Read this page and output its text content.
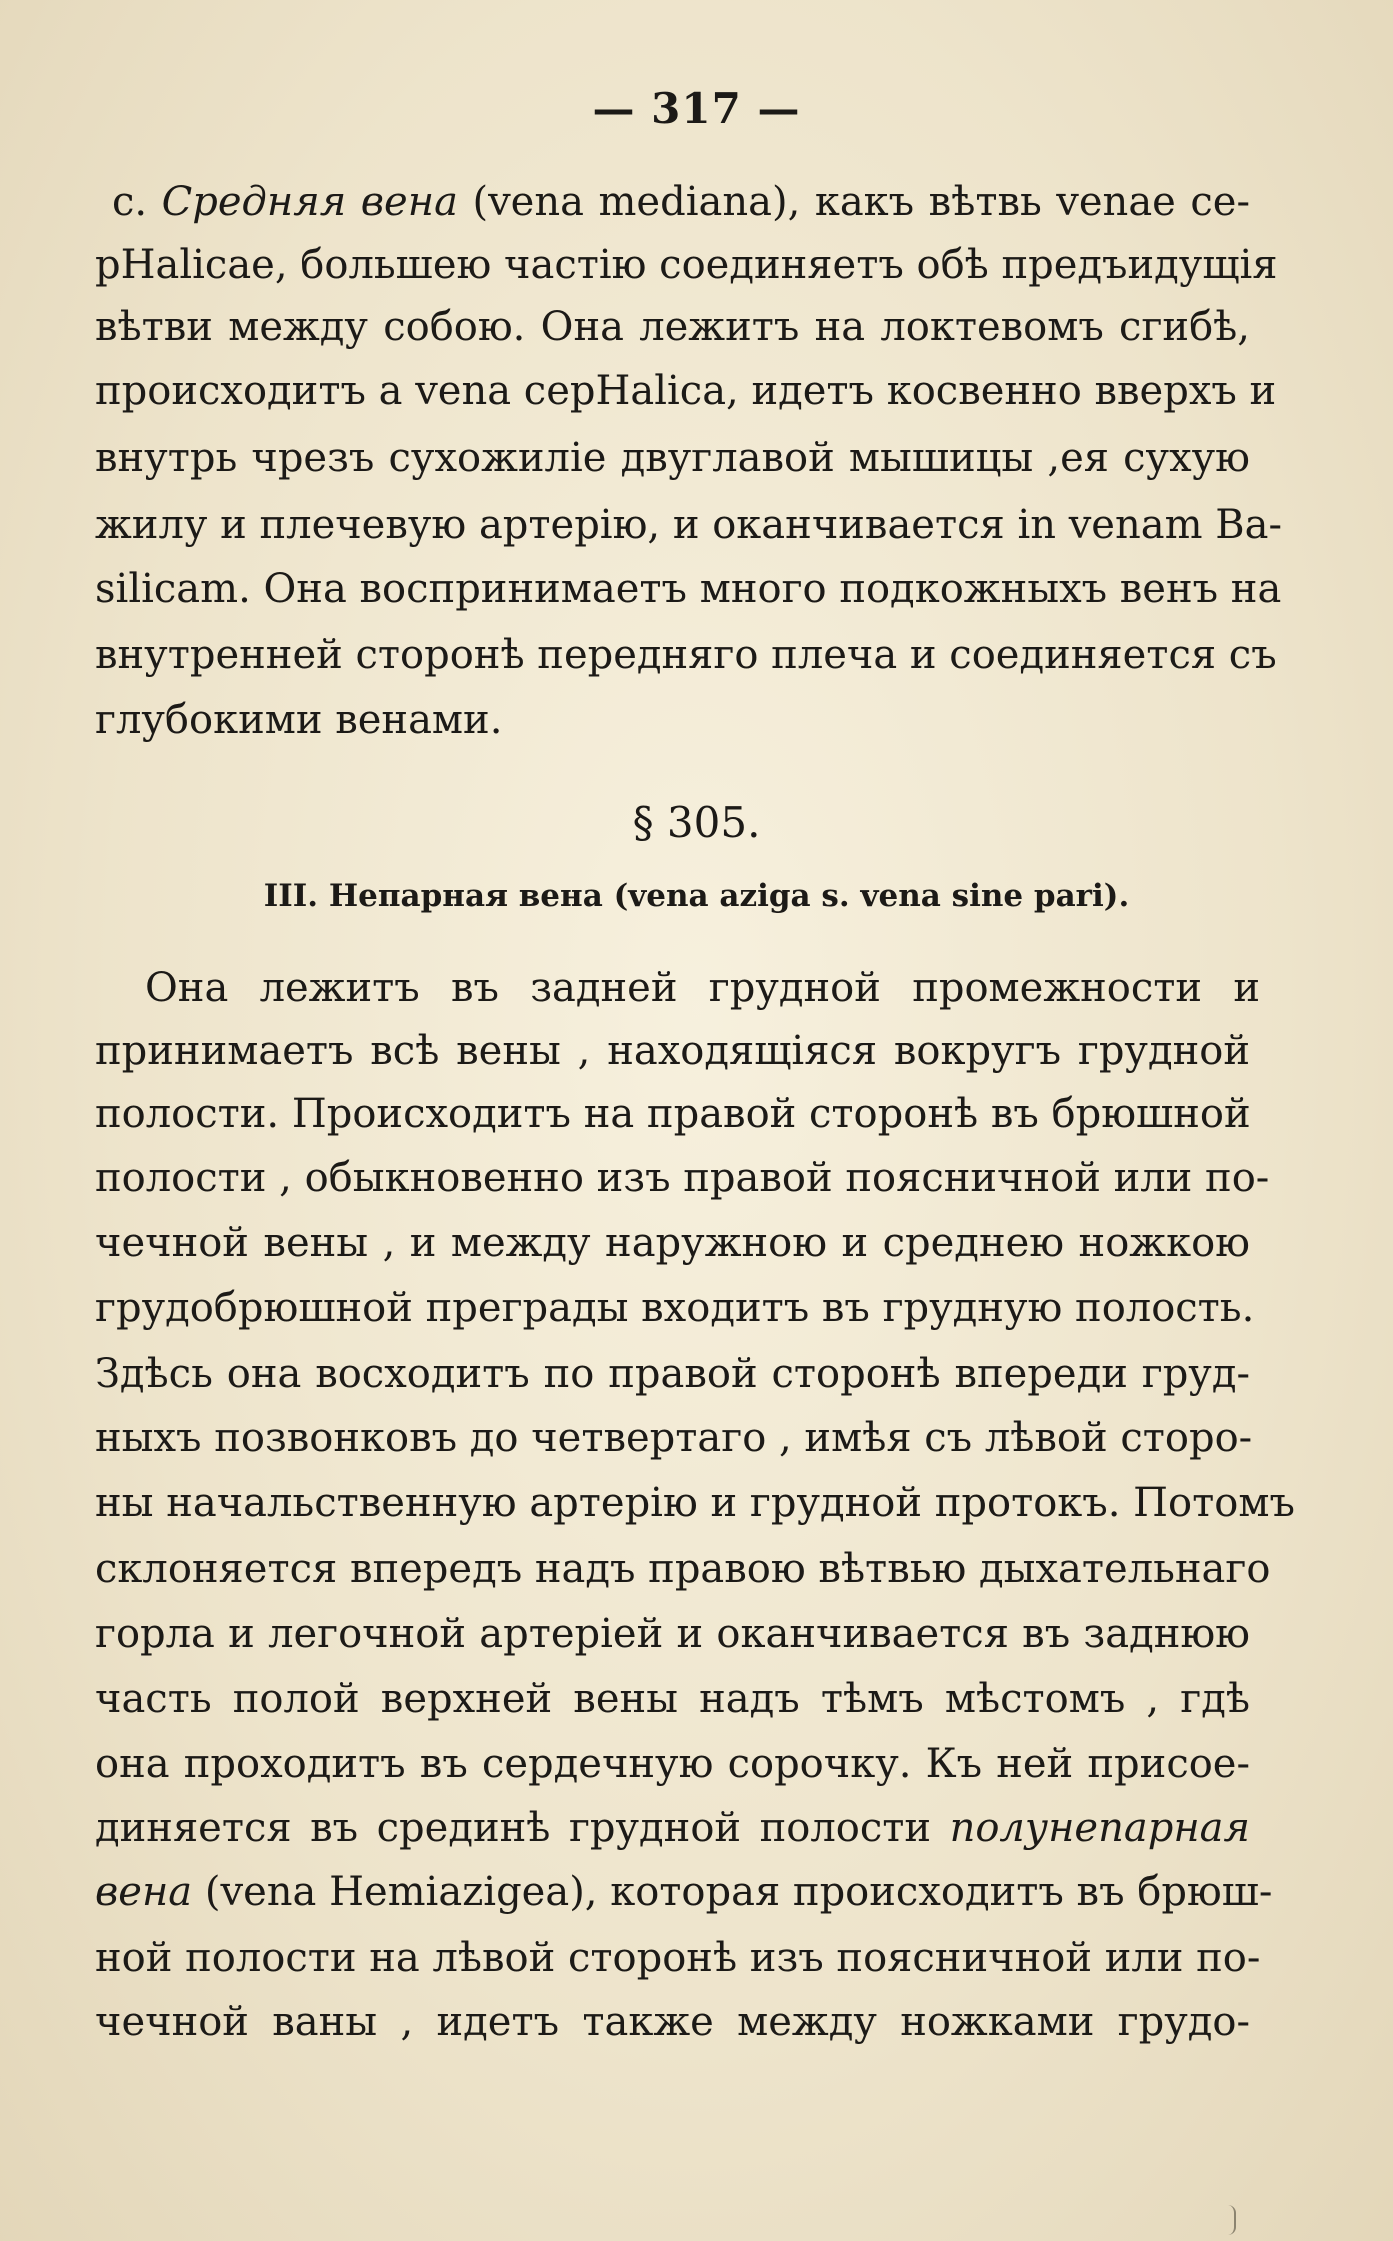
— 317 —
c. Средняя вена (vena mediana), какъ вѣтвь venae ce-
pHalicae, большею частію соединяетъ обѣ предъидущія
вѣтви между собою. Она лежитъ на локтевомъ сгибѣ,
происходитъ а vena cepHalica, идетъ косвенно вверхъ и
внутрь чрезъ сухожиліе двуглавой мышицы ,ея сухую
жилу и плечевую артерію, и оканчивается in venam Ba-
silicam. Она воспринимаетъ много подкожныхъ венъ на
внутренней сторонѣ передняго плеча и соединяется съ
глубокими венами.
§ 305.
III. Непарная вена (vena aziga s. vena sine pari).
Она лежитъ въ задней грудной промежности и
принимаетъ всѣ вены , находящіяся вокругъ грудной
полости. Происходитъ на правой сторонѣ въ брюшной
полости , обыкновенно изъ правой поясничной или по-
чечной вены , и между наружною и среднею ножкою
грудобрюшной преграды входитъ въ грудную полость.
Здѣсь она восходитъ по правой сторонѣ впереди груд-
ныхъ позвонковъ до четвертаго , имѣя съ лѣвой сторо-
ны начальственную артерію и грудной протокъ. Потомъ
склоняется впередъ надъ правою вѣтвью дыхательнаго
горла и легочной артеріей и оканчивается въ заднюю
часть полой верхней вены надъ тѣмъ мѣстомъ , гдѣ
она проходитъ въ сердечную сорочку. Къ ней присое-
диняется въ срединѣ грудной полости полунепарная
вена (vena Hemiazigea), которая происходитъ въ брюш-
ной полости на лѣвой сторонѣ изъ поясничной или по-
чечной ваны , идетъ также между ножками грудо-
